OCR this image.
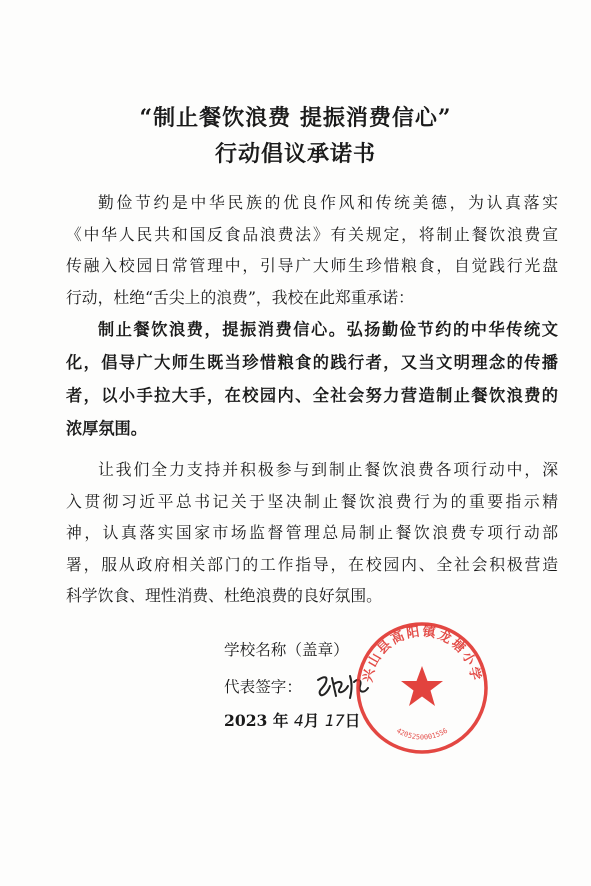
“制止餐饮浪费 提振消费信心”
行动倡议承诺书
勤俭节约是中华民族的优良作风和传统美德，为认真落实
《中华人民共和国反食品浪费法》有关规定，将制止餐饮浪费宣
传融入校园日常管理中，引导广大师生珍惜粮食，自觉践行光盘
行动，杜绝“舌尖上的浪费”，我校在此郑重承诺：
制止餐饮浪费，提振消费信心。弘扬勤俭节约的中华传统文
化，倡导广大师生既当珍惜粮食的践行者，又当文明理念的传播
者，以小手拉大手，在校园内、全社会努力营造制止餐饮浪费的
浓厚氛围。
让我们全力支持并积极参与到制止餐饮浪费各项行动中，深
入贯彻习近平总书记关于坚决制止餐饮浪费行为的重要指示精
神，认真落实国家市场监督管理总局制止餐饮浪费专项行动部
署，服从政府相关部门的工作指导，在校园内、全社会积极营造
科学饮食、理性消费、杜绝浪费的良好氛围。
学校名称（盖章）
代表签字：
2023 年 4月 17日
兴山县高阳镇龙塘小学
4205250001556
